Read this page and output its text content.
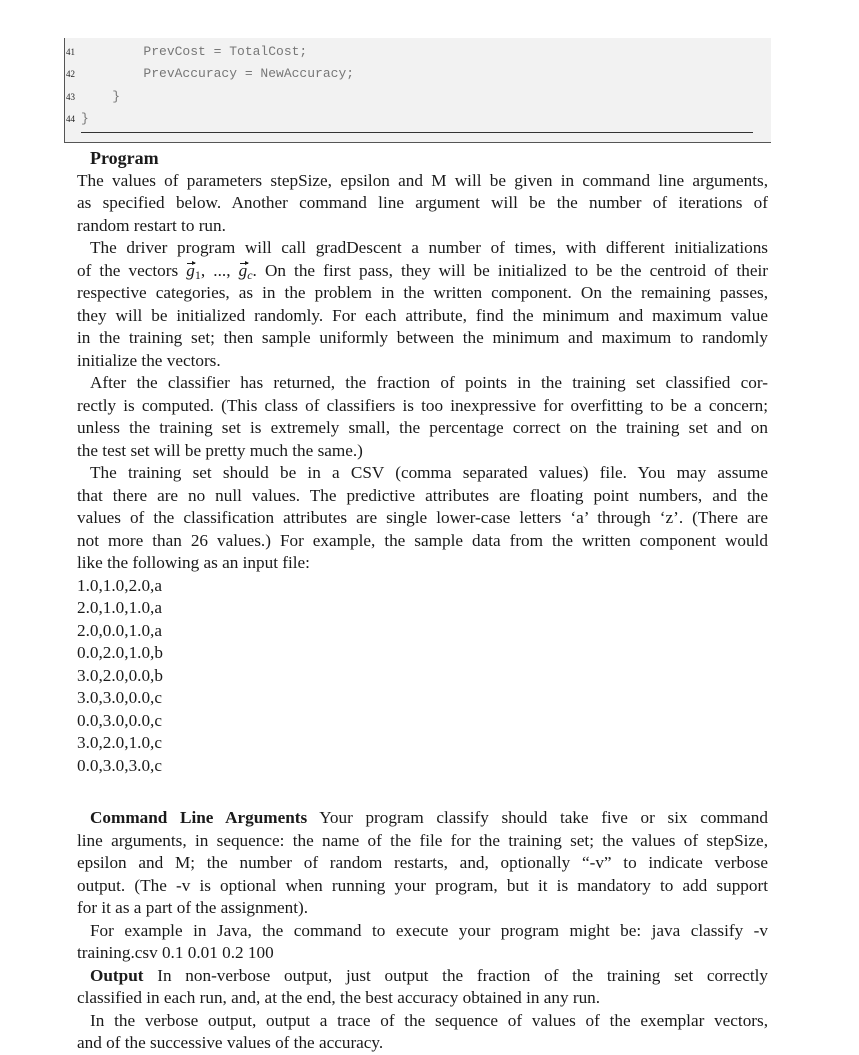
41 PrevCost = TotalCost;
42 PrevAccuracy = NewAccuracy;
43 }
44 }
Program
The values of parameters stepSize, epsilon and M will be given in command line arguments,
as specified below. Another command line argument will be the number of iterations of
random restart to run.
The driver program will call gradDescent a number of times, with different initializations
of the vectors
g1, ...,
gc. On the first pass, they will be initialized to be the centroid of their
respective categories, as in the problem in the written component. On the remaining passes,
they will be initialized randomly. For each attribute, find the minimum and maximum value
in the training set; then sample uniformly between the minimum and maximum to randomly
initialize the vectors.
After the classifier has returned, the fraction of points in the training set classified cor-
rectly is computed. (This class of classifiers is too inexpressive for overfitting to be a concern;
unless the training set is extremely small, the percentage correct on the training set and on
the test set will be pretty much the same.)
The training set should be in a CSV (comma separated values) file. You may assume
that there are no null values. The predictive attributes are floating point numbers, and the
values of the classification attributes are single lower-case letters ‘a’ through ‘z’. (There are
not more than 26 values.) For example, the sample data from the written component would
like the following as an input file:
1.0,1.0,2.0,a
2.0,1.0,1.0,a
2.0,0.0,1.0,a
0.0,2.0,1.0,b
3.0,2.0,0.0,b
3.0,3.0,0.0,c
0.0,3.0,0.0,c
3.0,2.0,1.0,c
0.0,3.0,3.0,c
Command Line Arguments Your program classify should take five or six command
line arguments, in sequence: the name of the file for the training set; the values of stepSize,
epsilon and M; the number of random restarts, and, optionally “-v” to indicate verbose
output. (The -v is optional when running your program, but it is mandatory to add support
for it as a part of the assignment).
For example in Java, the command to execute your program might be: java classify -v
training.csv 0.1 0.01 0.2 100
Output In non-verbose output, just output the fraction of the training set correctly
classified in each run, and, at the end, the best accuracy obtained in any run.
In the verbose output, output a trace of the sequence of values of the exemplar vectors,
and of the successive values of the accuracy.
